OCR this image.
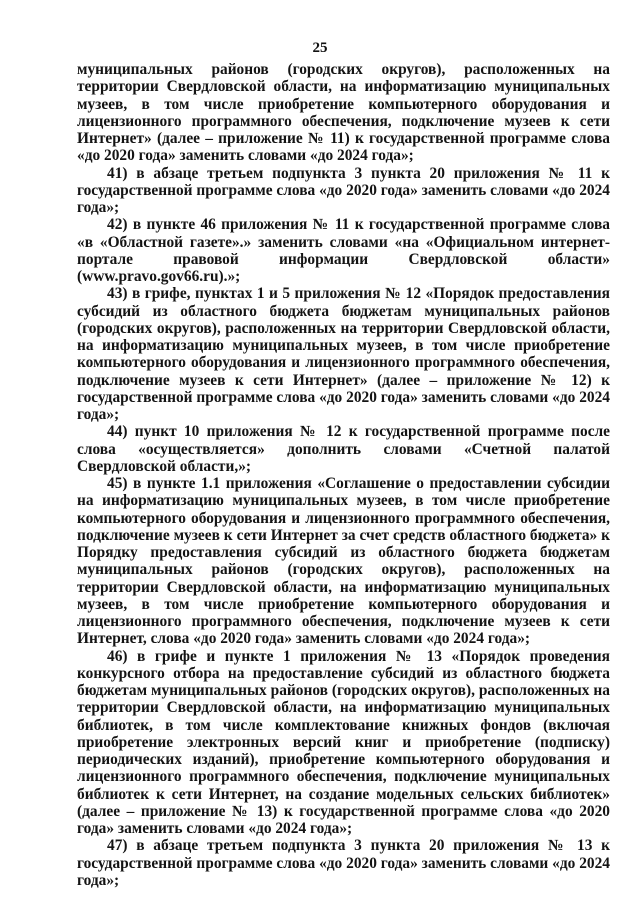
25

муниципальных районов (городских округов), расположенных на территории Свердловской области, на информатизацию муниципальных музеев, в том числе приобретение компьютерного оборудования и лицензионного программного обеспечения, подключение музеев к сети Интернет» (далее – приложение № 11) к государственной программе слова «до 2020 года» заменить словами «до 2024 года»;

41) в абзаце третьем подпункта 3 пункта 20 приложения № 11 к государственной программе слова «до 2020 года» заменить словами «до 2024 года»;

42) в пункте 46 приложения № 11 к государственной программе слова «в «Областной газете».» заменить словами «на «Официальном интернет-портале правовой информации Свердловской области» (www.pravo.gov66.ru).»;

43) в грифе, пунктах 1 и 5 приложения № 12 «Порядок предоставления субсидий из областного бюджета бюджетам муниципальных районов (городских округов), расположенных на территории Свердловской области, на информатизацию муниципальных музеев, в том числе приобретение компьютерного оборудования и лицензионного программного обеспечения, подключение музеев к сети Интернет» (далее – приложение № 12) к государственной программе слова «до 2020 года» заменить словами «до 2024 года»;

44) пункт 10 приложения № 12 к государственной программе после слова «осуществляется» дополнить словами «Счетной палатой Свердловской области,»;

45) в пункте 1.1 приложения «Соглашение о предоставлении субсидии на информатизацию муниципальных музеев, в том числе приобретение компьютерного оборудования и лицензионного программного обеспечения, подключение музеев к сети Интернет за счет средств областного бюджета» к Порядку предоставления субсидий из областного бюджета бюджетам муниципальных районов (городских округов), расположенных на территории Свердловской области, на информатизацию муниципальных музеев, в том числе приобретение компьютерного оборудования и лицензионного программного обеспечения, подключение музеев к сети Интернет, слова «до 2020 года» заменить словами «до 2024 года»;

46) в грифе и пункте 1 приложения № 13 «Порядок проведения конкурсного отбора на предоставление субсидий из областного бюджета бюджетам муниципальных районов (городских округов), расположенных на территории Свердловской области, на информатизацию муниципальных библиотек, в том числе комплектование книжных фондов (включая приобретение электронных версий книг и приобретение (подписку) периодических изданий), приобретение компьютерного оборудования и лицензионного программного обеспечения, подключение муниципальных библиотек к сети Интернет, на создание модельных сельских библиотек» (далее – приложение № 13) к государственной программе слова «до 2020 года» заменить словами «до 2024 года»;

47) в абзаце третьем подпункта 3 пункта 20 приложения № 13 к государственной программе слова «до 2020 года» заменить словами «до 2024 года»;
